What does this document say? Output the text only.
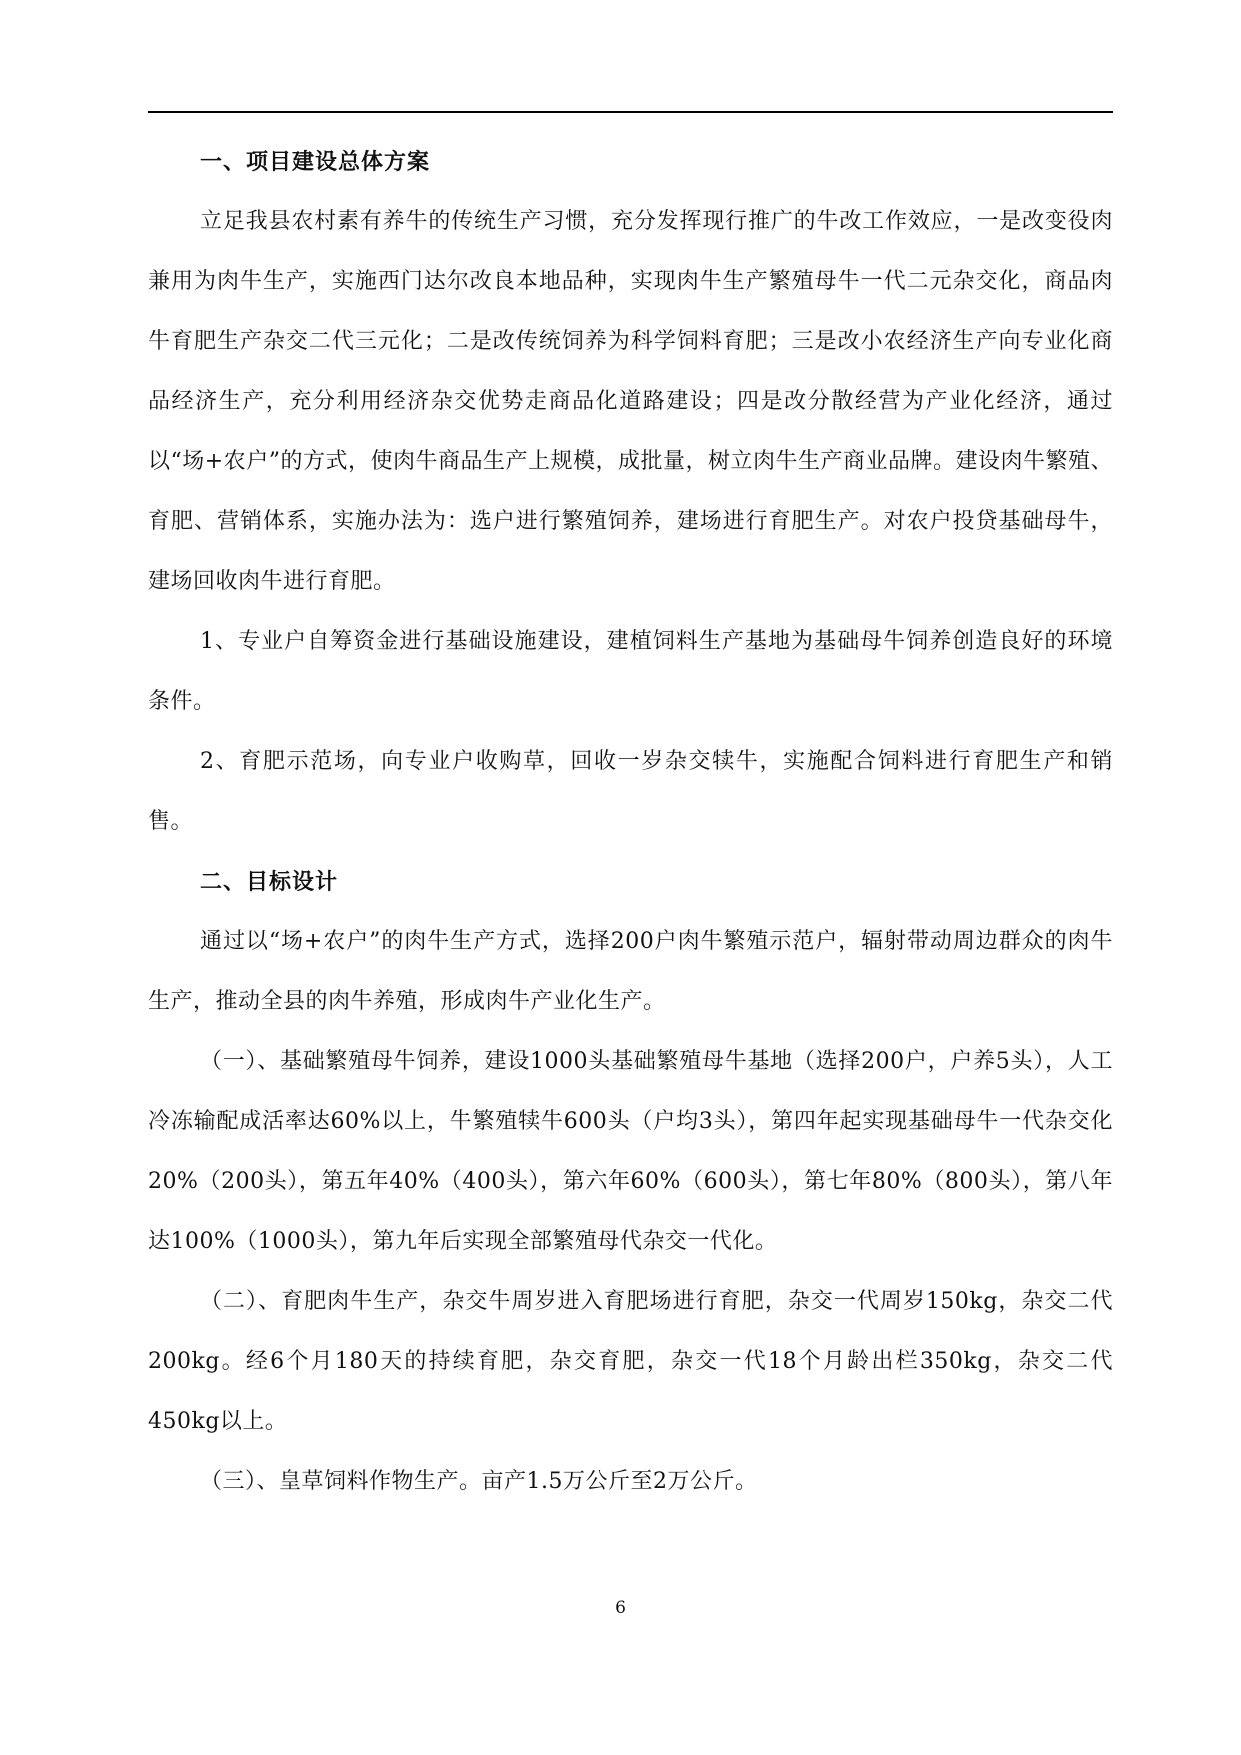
一、项目建设总体方案

立足我县农村素有养牛的传统生产习惯，充分发挥现行推广的牛改工作效应，一是改变役肉兼用为肉牛生产，实施西门达尔改良本地品种，实现肉牛生产繁殖母牛一代二元杂交化，商品肉牛育肥生产杂交二代三元化；二是改传统饲养为科学饲料育肥；三是改小农经济生产向专业化商品经济生产，充分利用经济杂交优势走商品化道路建设；四是改分散经营为产业化经济，通过以“场+农户”的方式，使肉牛商品生产上规模，成批量，树立肉牛生产商业品牌。建设肉牛繁殖、育肥、营销体系，实施办法为：选户进行繁殖饲养，建场进行育肥生产。对农户投贷基础母牛，建场回收肉牛进行育肥。

1、专业户自筹资金进行基础设施建设，建植饲料生产基地为基础母牛饲养创造良好的环境条件。

2、育肥示范场，向专业户收购草，回收一岁杂交犊牛，实施配合饲料进行育肥生产和销售。

二、目标设计

通过以“场+农户”的肉牛生产方式，选择200户肉牛繁殖示范户，辐射带动周边群众的肉牛生产，推动全县的肉牛养殖，形成肉牛产业化生产。

（一）、基础繁殖母牛饲养，建设1000头基础繁殖母牛基地（选择200户，户养5头），人工冷冻输配成活率达60%以上，牛繁殖犊牛600头（户均3头），第四年起实现基础母牛一代杂交化20%（200头），第五年40%（400头），第六年60%（600头），第七年80%（800头），第八年达100%（1000头），第九年后实现全部繁殖母代杂交一代化。

（二）、育肥肉牛生产，杂交牛周岁进入育肥场进行育肥，杂交一代周岁150kg，杂交二代200kg。经6个月180天的持续育肥，杂交育肥，杂交一代18个月龄出栏350kg，杂交二代450kg以上。

（三）、皇草饲料作物生产。亩产1.5万公斤至2万公斤。

6
